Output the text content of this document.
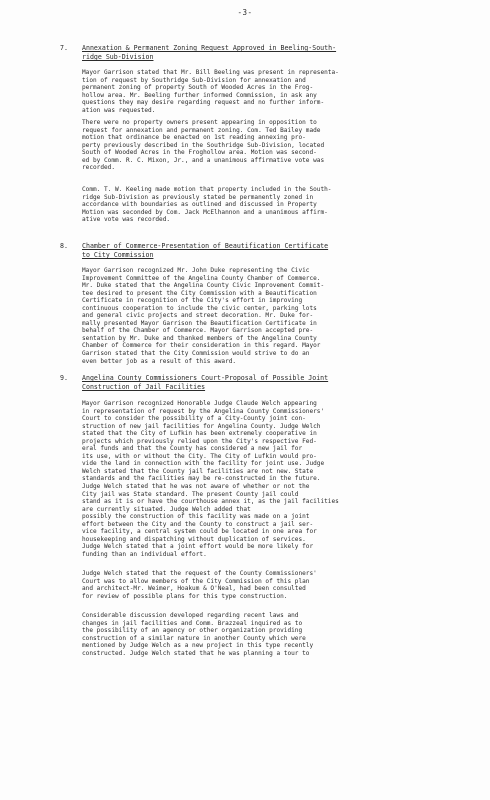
-3-
7. Annexation & Permanent Zoning Request Approved in Beeling-South-
ridge Sub-Division
Mayor Garrison stated that Mr. Bill Beeling was present in representa-
tion of request by Southridge Sub-Division for annexation and
permanent zoning of property South of Wooded Acres in the Frog-
hollow area. Mr. Beeling further informed Commission, in ask any
questions they may desire regarding request and no further inform-
ation was requested.
There were no property owners present appearing in opposition to
request for annexation and permanent zoning. Com. Ted Bailey made
motion that ordinance be enacted on 1st reading annexing pro-
perty previously described in the Southridge Sub-Division, located
South of Wooded Acres in the Froghollow area. Motion was second-
ed by Comm. R. C. Mixon, Jr., and a unanimous affirmative vote was
recorded.
Comm. T. W. Keeling made motion that property included in the South-
ridge Sub-Division as previously stated be permanently zoned in
accordance with boundaries as outlined and discussed in Property
Motion was seconded by Com. Jack McElhannon and a unanimous affirm-
ative vote was recorded.
8. Chamber of Commerce-Presentation of Beautification Certificate
to City Commission
Mayor Garrison recognized Mr. John Duke representing the Civic
Improvement Committee of the Angelina County Chamber of Commerce.
Mr. Duke stated that the Angelina County Civic Improvement Commit-
tee desired to present the City Commission with a Beautification
Certificate in recognition of the City's effort in improving
continuous cooperation to include the civic center, parking lots
and general civic projects and street decoration. Mr. Duke for-
mally presented Mayor Garrison the Beautification Certificate in
behalf of the Chamber of Commerce. Mayor Garrison accepted pre-
sentation by Mr. Duke and thanked members of the Angelina County
Chamber of Commerce for their consideration in this regard. Mayor
Garrison stated that the City Commission would strive to do an
even better job as a result of this award.
9. Angelina County Commissioners Court-Proposal of Possible Joint
Construction of Jail Facilities
Mayor Garrison recognized Honorable Judge Claude Welch appearing
in representation of request by the Angelina County Commissioners'
Court to consider the possibility of a City-County joint con-
struction of new jail facilities for Angelina County. Judge Welch
stated that the City of Lufkin has been extremely cooperative in
projects which previously relied upon the City's respective Fed-
eral funds and that the County has considered a new jail for
its use, with or without the City. The City of Lufkin would pro-
vide the land in connection with the facility for joint use. Judge
Welch stated that the County jail facilities are not new. State
standards and the facilities may be re-constructed in the future.
Judge Welch stated that he was not aware of whether or not the
City jail was State standard. The present County jail could
stand as it is or have the courthouse annex it, as the jail facilities
are currently situated. Judge Welch added that
possibly the construction of this facility was made on a joint
effort between the City and the County to construct a jail ser-
vice facility, a central system could be located in one area for
housekeeping and dispatching without duplication of services.
Judge Welch stated that a joint effort would be more likely for
funding than an individual effort.
Judge Welch stated that the request of the County Commissioners'
Court was to allow members of the City Commission of this plan
and architect-Mr. Weimer, Hoakum & O'Neal, had been consulted
for review of possible plans for this type construction.
Considerable discussion developed regarding recent laws and
changes in jail facilities and Comm. Brazzeal inquired as to
the possibility of an agency or other organization providing
construction of a similar nature in another County which were
mentioned by Judge Welch as a new project in this type recently
constructed. Judge Welch stated that he was planning a tour to
